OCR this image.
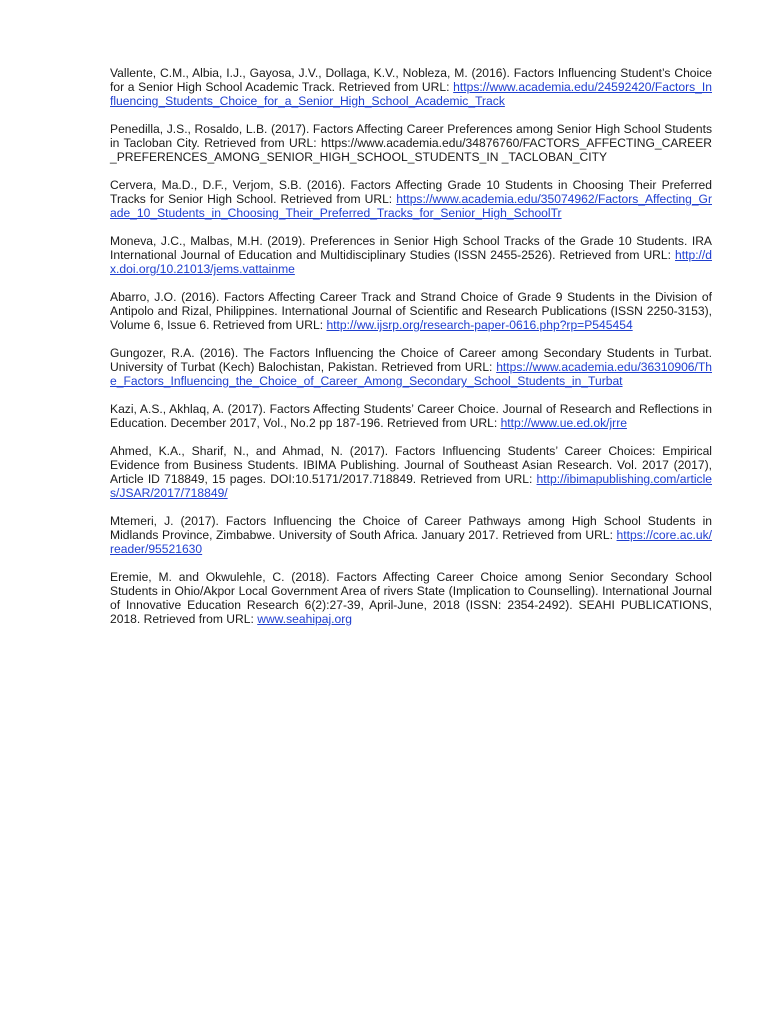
Vallente, C.M., Albia, I.J., Gayosa, J.V., Dollaga, K.V., Nobleza, M. (2016). Factors Influencing Student’s Choice for a Senior High School Academic Track. Retrieved from URL: https://www.academia.edu/24592420/Factors_Influencing_Students_Choice_for_a_Senior_High_School_Academic_Track

Penedilla, J.S., Rosaldo, L.B. (2017). Factors Affecting Career Preferences among Senior High School Students in Tacloban City. Retrieved from URL: https://www.academia.edu/34876760/FACTORS_AFFECTING_CAREER_PREFERENCES_AMONG_SENIOR_HIGH_SCHOOL_STUDENTS_IN _TACLOBAN_CITY

Cervera, Ma.D., D.F., Verjom, S.B. (2016). Factors Affecting Grade 10 Students in Choosing Their Preferred Tracks for Senior High School. Retrieved from URL: https://www.academia.edu/35074962/Factors_Affecting_Grade_10_Students_in_Choosing_Their_Preferred_Tracks_for_Senior_High_SchoolTr

Moneva, J.C., Malbas, M.H. (2019). Preferences in Senior High School Tracks of the Grade 10 Students. IRA International Journal of Education and Multidisciplinary Studies (ISSN 2455-2526). Retrieved from URL: http://dx.doi.org/10.21013/jems.vattainme

Abarro, J.O. (2016). Factors Affecting Career Track and Strand Choice of Grade 9 Students in the Division of Antipolo and Rizal, Philippines. International Journal of Scientific and Research Publications (ISSN 2250-3153), Volume 6, Issue 6. Retrieved from URL: http://ww.ijsrp.org/research-paper-0616.php?rp=P545454

Gungozer, R.A. (2016). The Factors Influencing the Choice of Career among Secondary Students in Turbat. University of Turbat (Kech) Balochistan, Pakistan. Retrieved from URL: https://www.academia.edu/36310906/The_Factors_Influencing_the_Choice_of_Career_Among_Secondary_School_Students_in_Turbat

Kazi, A.S., Akhlaq, A. (2017). Factors Affecting Students’ Career Choice. Journal of Research and Reflections in Education. December 2017, Vol., No.2 pp 187-196. Retrieved from URL: http://www.ue.ed.ok/jrre

Ahmed, K.A., Sharif, N., and Ahmad, N. (2017). Factors Influencing Students’ Career Choices: Empirical Evidence from Business Students. IBIMA Publishing. Journal of Southeast Asian Research. Vol. 2017 (2017), Article ID 718849, 15 pages. DOI:10.5171/2017.718849. Retrieved from URL: http://ibimapublishing.com/articles/JSAR/2017/718849/

Mtemeri, J. (2017). Factors Influencing the Choice of Career Pathways among High School Students in Midlands Province, Zimbabwe. University of South Africa. January 2017. Retrieved from URL: https://core.ac.uk/reader/95521630

Eremie, M. and Okwulehle, C. (2018). Factors Affecting Career Choice among Senior Secondary School Students in Ohio/Akpor Local Government Area of rivers State (Implication to Counselling). International Journal of Innovative Education Research 6(2):27-39, April-June, 2018 (ISSN: 2354-2492). SEAHI PUBLICATIONS, 2018. Retrieved from URL: www.seahipaj.org
